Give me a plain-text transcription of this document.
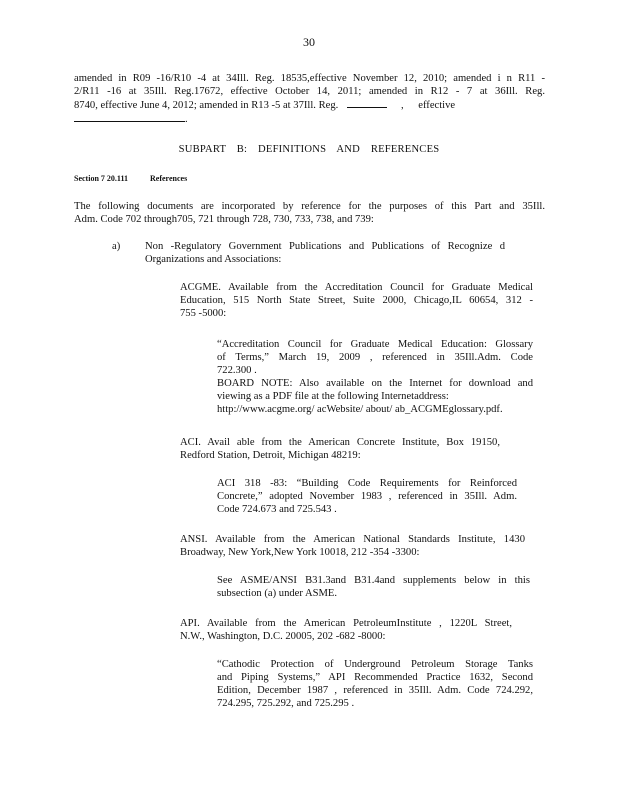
30
amended in R09 -16/R10 -4 at 34Ill. Reg. 18535,effective November 12, 2010; amended i n R11 -
2/R11 -16 at 35Ill. Reg.17672, effective October 14, 2011; amended in R12 - 7 at 36Ill. Reg.
8740, effective June 4, 2012; amended in R13 -5 at 37Ill. Reg.	, effective
.
SUBPART B: DEFINITIONS AND REFERENCES
Section 7 20.111	References
The following documents are incorporated by reference for the purposes of this Part and 35Ill.
Adm. Code 702 through705, 721 through 728, 730, 733, 738, and 739:
a) Non -Regulatory Government Publications and Publications of Recognize d
Organizations and Associations:
ACGME. Available from the Accreditation Council for Graduate Medical
Education, 515 North State Street, Suite 2000, Chicago,IL 60654, 312 -
755 -5000:
“Accreditation Council for Graduate Medical Education: Glossary
of Terms,” March 19, 2009 , referenced in 35Ill.Adm. Code
722.300 .
BOARD NOTE: Also available on the Internet for download and
viewing as a PDF file at the following Internetaddress:
http://www.acgme.org/ acWebsite/ about/ ab_ACGMEglossary.pdf.
ACI. Avail able from the American Concrete Institute, Box 19150,
Redford Station, Detroit, Michigan 48219:
ACI 318 -83: “Building Code Requirements for Reinforced
Concrete,” adopted November 1983 , referenced in 35Ill. Adm.
Code 724.673 and 725.543 .
ANSI. Available from the American National Standards Institute, 1430
Broadway, New York,New York 10018, 212 -354 -3300:
See ASME/ANSI B31.3and B31.4and supplements below in this
subsection (a) under ASME.
API. Available from the American PetroleumInstitute , 1220L Street,
N.W., Washington, D.C. 20005, 202 -682 -8000:
“Cathodic Protection of Underground Petroleum Storage Tanks
and Piping Systems,” API Recommended Practice 1632, Second
Edition, December 1987 , referenced in 35Ill. Adm. Code 724.292,
724.295, 725.292, and 725.295 .
